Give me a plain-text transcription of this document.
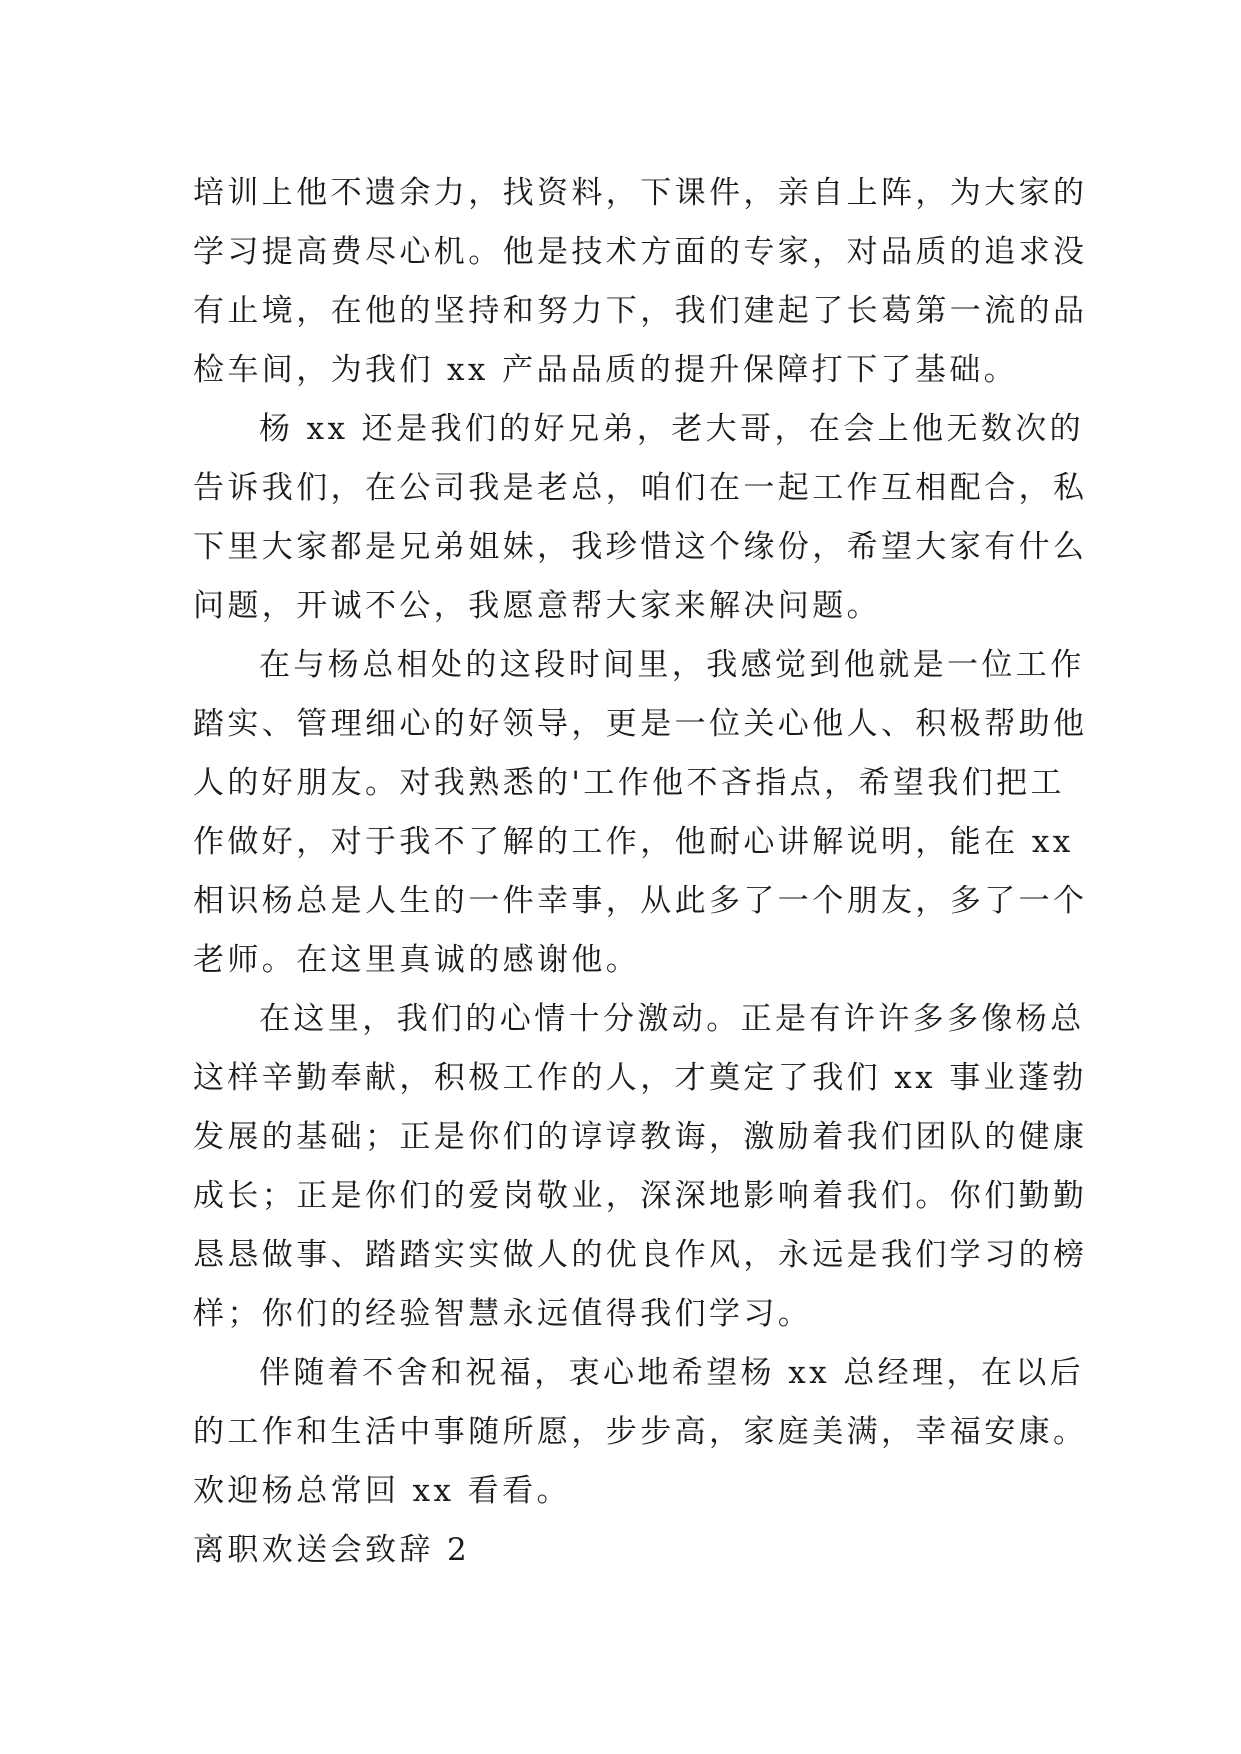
培训上他不遗余力，找资料，下课件，亲自上阵，为大家的
学习提高费尽心机。他是技术方面的专家，对品质的追求没
有止境，在他的坚持和努力下，我们建起了长葛第一流的品
检车间，为我们 xx 产品品质的提升保障打下了基础。
杨 xx 还是我们的好兄弟，老大哥，在会上他无数次的
告诉我们，在公司我是老总，咱们在一起工作互相配合，私
下里大家都是兄弟姐妹，我珍惜这个缘份，希望大家有什么
问题，开诚不公，我愿意帮大家来解决问题。
在与杨总相处的这段时间里，我感觉到他就是一位工作
踏实、管理细心的好领导，更是一位关心他人、积极帮助他
人的好朋友。对我熟悉的'工作他不吝指点，希望我们把工
作做好，对于我不了解的工作，他耐心讲解说明，能在 xx
相识杨总是人生的一件幸事，从此多了一个朋友，多了一个
老师。在这里真诚的感谢他。
在这里，我们的心情十分激动。正是有许许多多像杨总
这样辛勤奉献，积极工作的人，才奠定了我们 xx 事业蓬勃
发展的基础；正是你们的谆谆教诲，激励着我们团队的健康
成长；正是你们的爱岗敬业，深深地影响着我们。你们勤勤
恳恳做事、踏踏实实做人的优良作风，永远是我们学习的榜
样；你们的经验智慧永远值得我们学习。
伴随着不舍和祝福，衷心地希望杨 xx 总经理，在以后
的工作和生活中事随所愿，步步高，家庭美满，幸福安康。
欢迎杨总常回 xx 看看。
离职欢送会致辞 2
